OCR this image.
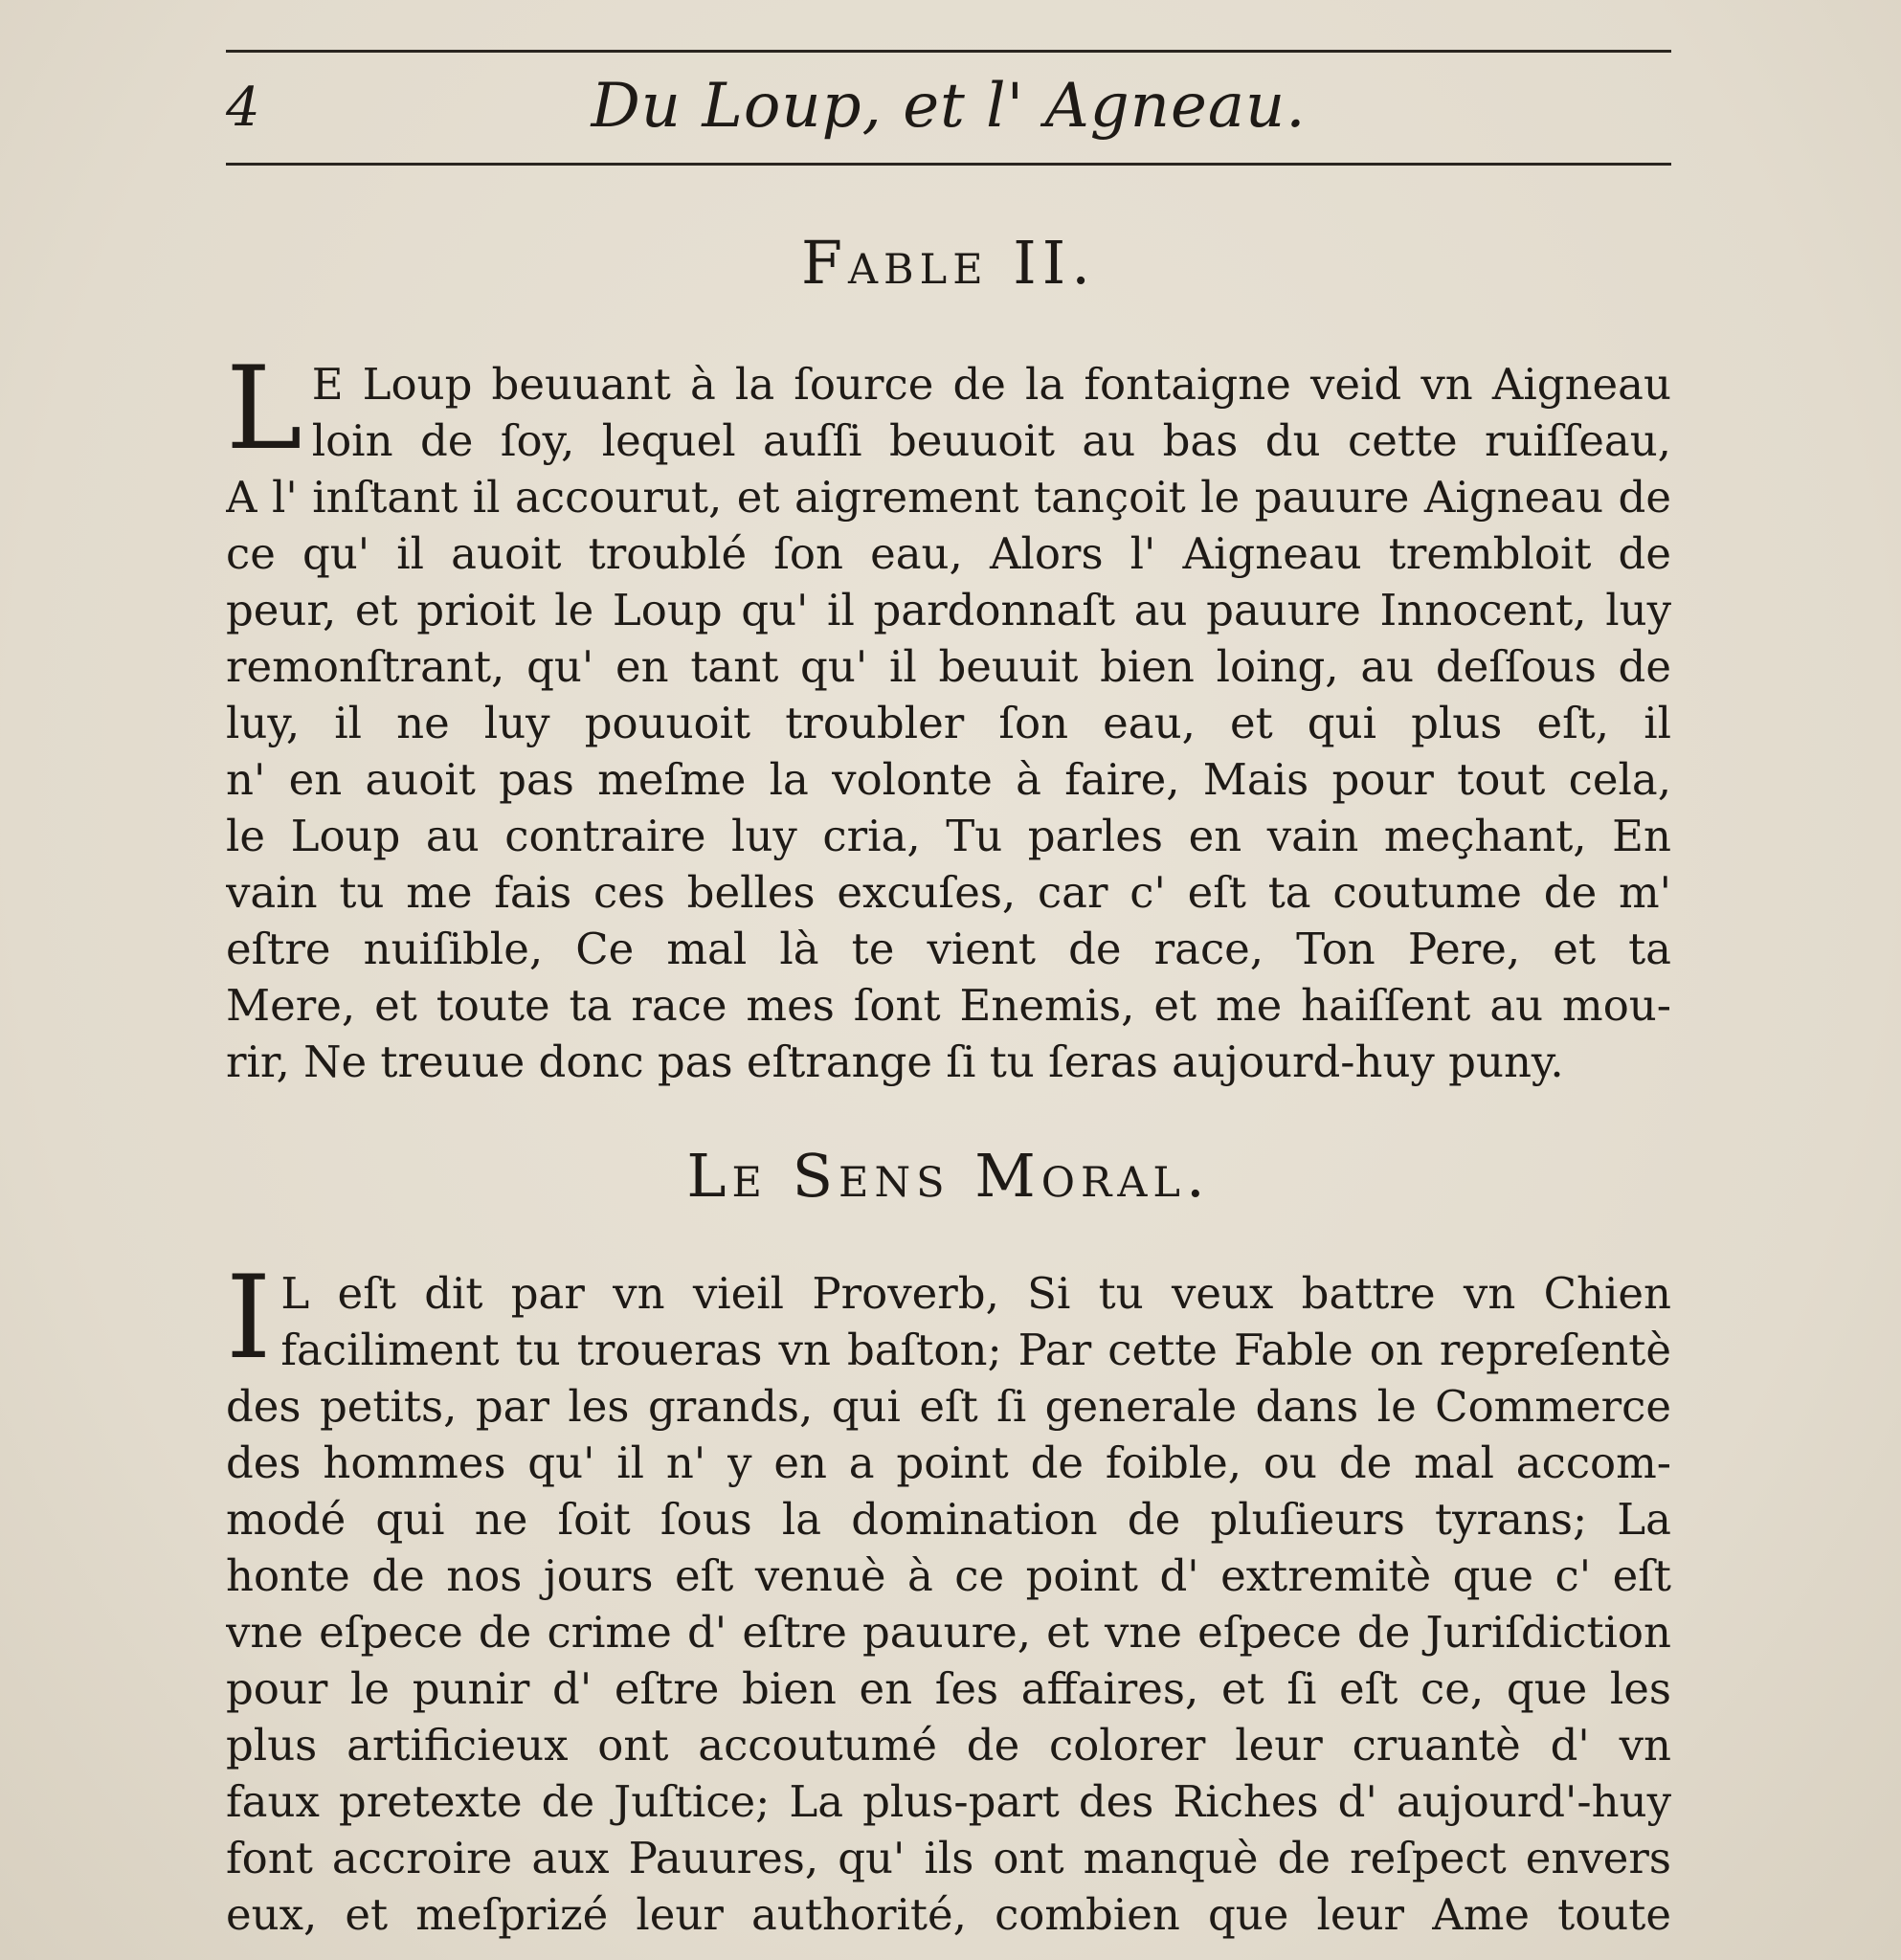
4	Du Loup, et l' Agneau.
Fable II.
L E Loup beuuant à la ſource de la fontaigne veid vn Aigneau
loin de ſoy, lequel auſſi beuuoit au bas du cette ruiſſeau,
A l' inſtant il accourut, et aigrement tançoit le pauure Aigneau de
ce qu' il auoit troublé ſon eau, Alors l' Aigneau trembloit de
peur, et prioit le Loup qu' il pardonnaſt au pauure Innocent, luy
remonſtrant, qu' en tant qu' il beuuit bien loing, au deſſous de
luy, il ne luy pouuoit troubler ſon eau, et qui plus eſt, il
n' en auoit pas meſme la volonte à faire, Mais pour tout cela,
le Loup au contraire luy cria, Tu parles en vain meçhant, En
vain tu me fais ces belles excuſes, car c' eſt ta coutume de m'
eſtre nuiſible, Ce mal là te vient de race, Ton Pere, et ta
Mere, et toute ta race mes ſont Enemis, et me haiſſent au mou-
rir, Ne treuue donc pas eſtrange ſi tu ſeras aujourd-huy puny.
Le Sens Moral.
I L eſt dit par vn vieil Proverb, Si tu veux battre vn Chien
faciliment tu troueras vn baſton; Par cette Fable on repreſentè
des petits, par les grands, qui eſt ſi generale dans le Commerce
des hommes qu' il n' y en a point de foible, ou de mal accom-
modé qui ne ſoit ſous la domination de pluſieurs tyrans; La
honte de nos jours eſt venuè à ce point d' extremitè que c' eſt
vne eſpece de crime d' eſtre pauure, et vne eſpece de Juriſdiction
pour le punir d' eſtre bien en ſes affaires, et ſi eſt ce, que les
plus artificieux ont accoutumé de colorer leur cruantè d' vn
faux pretexte de Juſtice; La plus-part des Riches d' aujourd'-huy
font accroire aux Pauures, qu' ils ont manquè de reſpect envers
eux, et meſprizé leur authorité, combien que leur Ame toute
